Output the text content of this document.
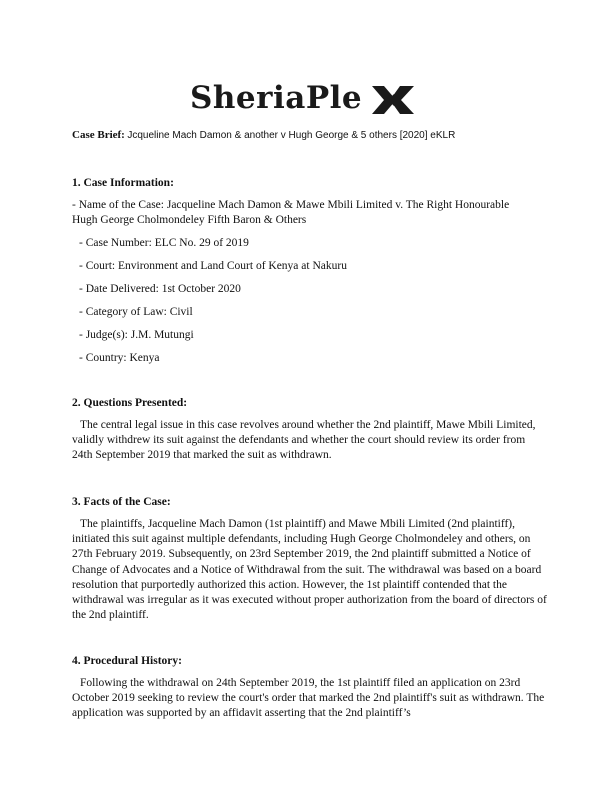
SheriaPle
Case Brief: Jcqueline Mach Damon & another v Hugh George & 5 others [2020] eKLR
1. Case Information:
- Name of the Case: Jacqueline Mach Damon & Mawe Mbili Limited v. The Right Honourable
Hugh George Cholmondeley Fifth Baron & Others
- Case Number: ELC No. 29 of 2019
- Court: Environment and Land Court of Kenya at Nakuru
- Date Delivered: 1st October 2020
- Category of Law: Civil
- Judge(s): J.M. Mutungi
- Country: Kenya
2. Questions Presented:
The central legal issue in this case revolves around whether the 2nd plaintiff, Mawe Mbili Limited, validly withdrew its suit against the defendants and whether the court should review its order from 24th September 2019 that marked the suit as withdrawn.
3. Facts of the Case:
The plaintiffs, Jacqueline Mach Damon (1st plaintiff) and Mawe Mbili Limited (2nd plaintiff), initiated this suit against multiple defendants, including Hugh George Cholmondeley and others, on 27th February 2019. Subsequently, on 23rd September 2019, the 2nd plaintiff submitted a Notice of Change of Advocates and a Notice of Withdrawal from the suit. The withdrawal was based on a board resolution that purportedly authorized this action. However, the 1st plaintiff contended that the withdrawal was irregular as it was executed without proper authorization from the board of directors of the 2nd plaintiff.
4. Procedural History:
Following the withdrawal on 24th September 2019, the 1st plaintiff filed an application on 23rd October 2019 seeking to review the court's order that marked the 2nd plaintiff's suit as withdrawn. The application was supported by an affidavit asserting that the 2nd plaintiff’s
